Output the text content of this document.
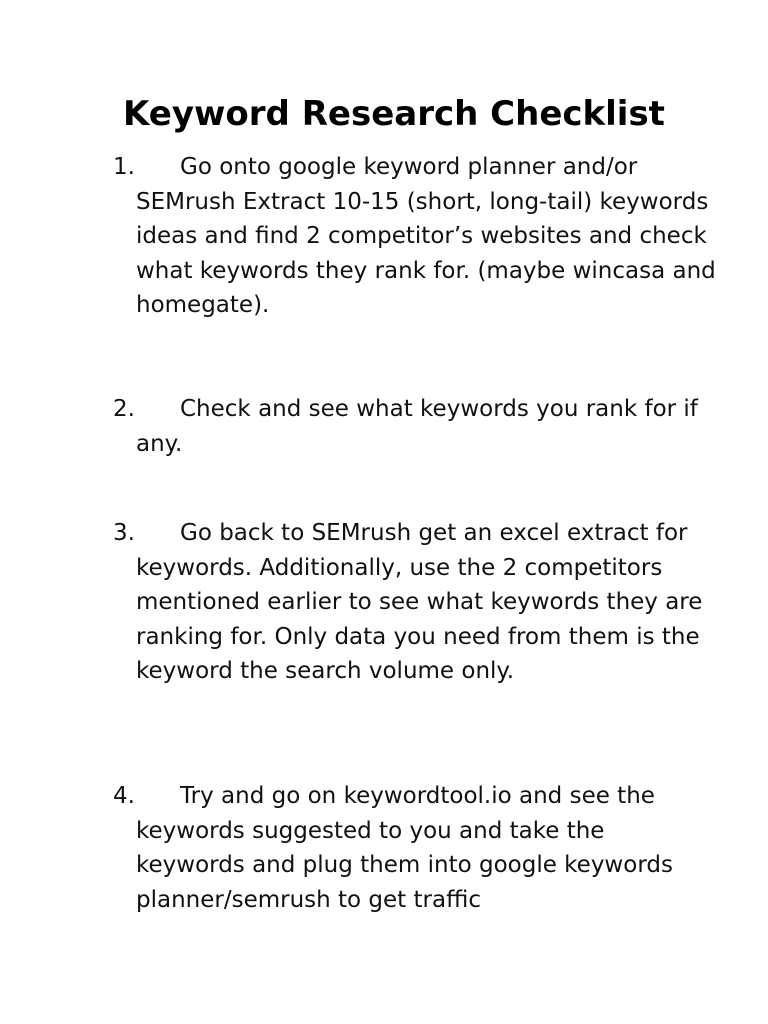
Keyword Research Checklist

1. Go onto google keyword planner and/or SEMrush Extract 10-15 (short, long-tail) keywords ideas and find 2 competitor’s websites and check what keywords they rank for. (maybe wincasa and homegate).

2. Check and see what keywords you rank for if any.

3. Go back to SEMrush get an excel extract for keywords. Additionally, use the 2 competitors mentioned earlier to see what keywords they are ranking for. Only data you need from them is the keyword the search volume only.

4. Try and go on keywordtool.io and see the keywords suggested to you and take the keywords and plug them into google keywords planner/semrush to get traffic
